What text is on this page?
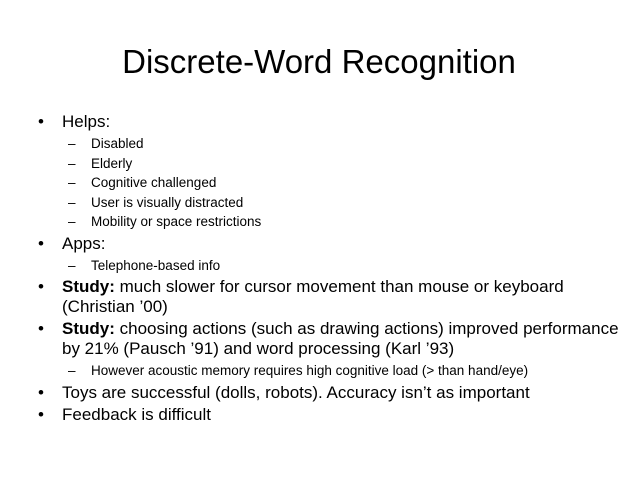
Discrete-Word Recognition
• Helps:
– Disabled
– Elderly
– Cognitive challenged
– User is visually distracted
– Mobility or space restrictions
• Apps:
– Telephone-based info
• Study: much slower for cursor movement than mouse or keyboard (Christian ’00)
• Study: choosing actions (such as drawing actions) improved performance by 21% (Pausch ’91) and word processing (Karl ’93)
– However acoustic memory requires high cognitive load (> than hand/eye)
• Toys are successful (dolls, robots). Accuracy isn’t as important
• Feedback is difficult
